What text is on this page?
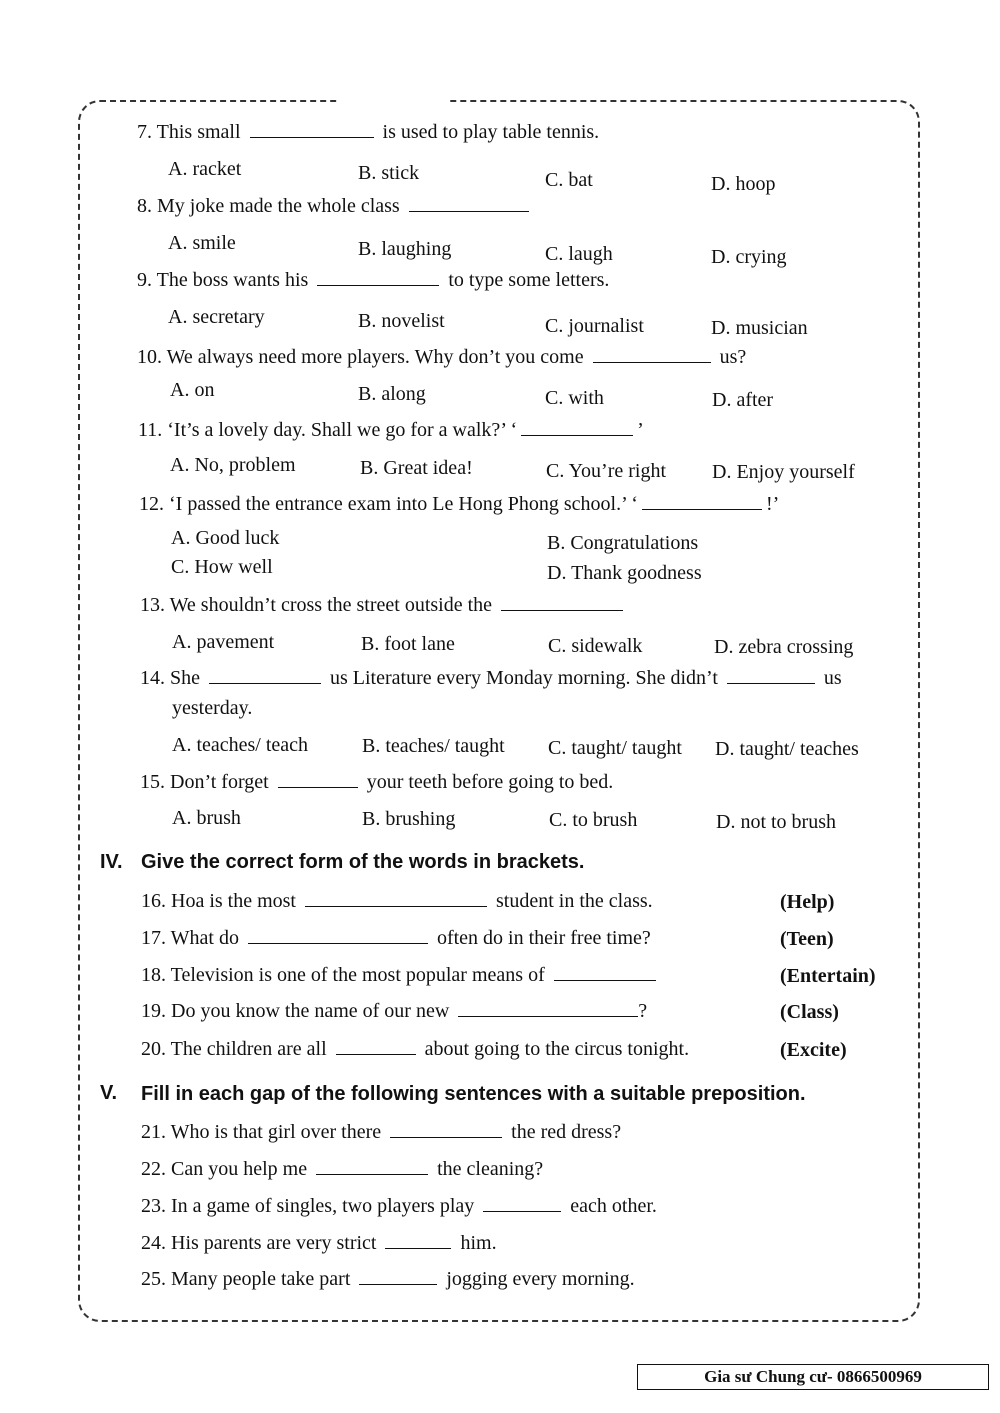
7. This small	is used to play table tennis.
A. racket	B. stick	C. bat	D. hoop
8. My joke made the whole class
A. smile	B. laughing	C. laugh	D. crying
9. The boss wants his	to type some letters.
A. secretary	B. novelist	C. journalist	D. musician
10. We always need more players. Why don’t you come	us?
A. on	B. along	C. with	D. after
11. ‘It’s a lovely day. Shall we go for a walk?’ ‘	’
A. No, problem	B. Great idea!	C. You’re right D. Enjoy yourself
12. ‘I passed the entrance exam into Le Hong Phong school.’ ‘	!’
A. Good luck	B. Congratulations
C. How well	D. Thank goodness
13. We shouldn’t cross the street outside the
A. pavement	B. foot lane	C. sidewalk	D. zebra crossing
14. She	us Literature every Monday morning. She didn’t	us
yesterday.
A. teaches/ teach	B. teaches/ taught C. taught/ taught D. taught/ teaches
15. Don’t forget	your teeth before going to bed.
A. brush	B. brushing	C. to brush	D. not to brush
IV. Give the correct form of the words in brackets.
16. Hoa is the most	student in the class.	(Help)
17. What do	often do in their free time?	(Teen)
18. Television is one of the most popular means of	(Entertain)
19. Do you know the name of our new	?	(Class)
20. The children are all	about going to the circus tonight.	(Excite)
V. Fill in each gap of the following sentences with a suitable preposition.
21. Who is that girl over there	the red dress?
22. Can you help me	the cleaning?
23. In a game of singles, two players play	each other.
24. His parents are very strict	him.
25. Many people take part	jogging every morning.
Gia sư Chung cư- 0866500969
